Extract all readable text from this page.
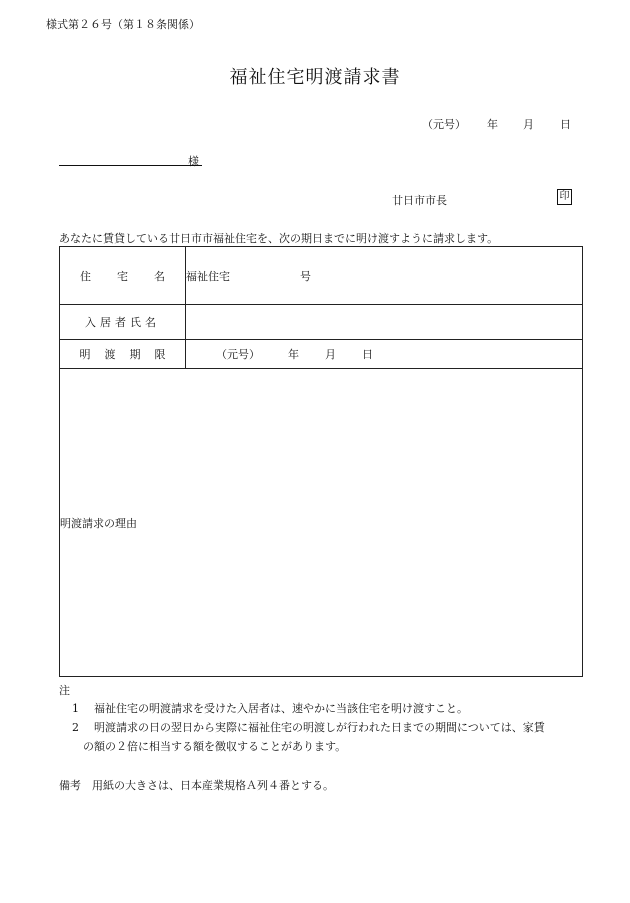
様式第２６号（第１８条関係）
福祉住宅明渡請求書
（元号） 年 月 日
様
廿日市市長	印
あなたに賃貸している廿日市市福祉住宅を、次の期日までに明け渡すように請求します。
住 宅 名	福祉住宅 号
入居者氏名	
明 渡 期 限	（元号） 年 月 日
明渡請求の理由	
注
1 福祉住宅の明渡請求を受けた入居者は、速やかに当該住宅を明け渡すこと。
2 明渡請求の日の翌日から実際に福祉住宅の明渡しが行われた日までの期間については、家賃
の額の２倍に相当する額を徴収することがあります。
備考　用紙の大きさは、日本産業規格Ａ列４番とする。
